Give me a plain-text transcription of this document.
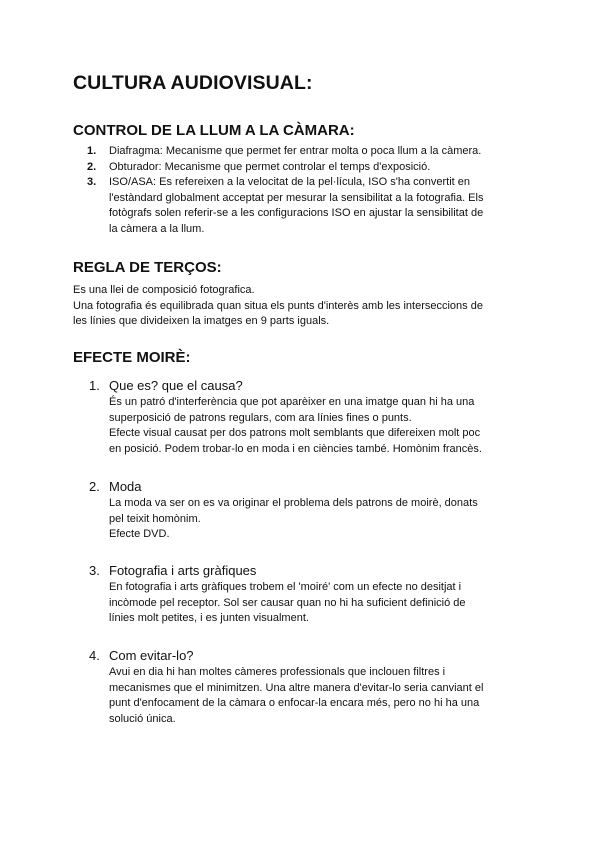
CULTURA AUDIOVISUAL:
CONTROL DE LA LLUM A LA CÀMARA:
1. Diafragma: Mecanisme que permet fer entrar molta o poca llum a la càmera.
2. Obturador: Mecanisme que permet controlar el temps d'exposició.
3. ISO/ASA: Es refereixen a la velocitat de la pel·lícula, ISO s'ha convertit en
l'estàndard globalment acceptat per mesurar la sensibilitat a la fotografia. Els
fotògrafs solen referir-se a les configuracions ISO en ajustar la sensibilitat de
la càmera a la llum.
REGLA DE TERÇOS:
Es una llei de composició fotografica.
Una fotografia és equilibrada quan situa els punts d'interès amb les interseccions de
les línies que divideixen la imatges en 9 parts iguals.
EFECTE MOIRÈ:
1. Que es? que el causa?
És un patró d'interferència que pot aparèixer en una imatge quan hi ha una
superposició de patrons regulars, com ara línies fines o punts.
Efecte visual causat per dos patrons molt semblants que difereixen molt poc
en posició. Podem trobar-lo en moda i en ciències també. Homònim francès.
2. Moda
La moda va ser on es va originar el problema dels patrons de moirè, donats
pel teixit homònim.
Efecte DVD.
3. Fotografia i arts gràfiques
En fotografia i arts gràfiques trobem el 'moiré' com un efecte no desitjat i
incòmode pel receptor. Sol ser causar quan no hi ha suficient definició de
línies molt petites, i es junten visualment.
4. Com evitar-lo?
Avui en dia hi han moltes càmeres professionals que inclouen filtres i
mecanismes que el minimitzen. Una altre manera d'evitar-lo seria canviant el
punt d'enfocament de la càmara o enfocar-la encara més, pero no hi ha una
solució única.
